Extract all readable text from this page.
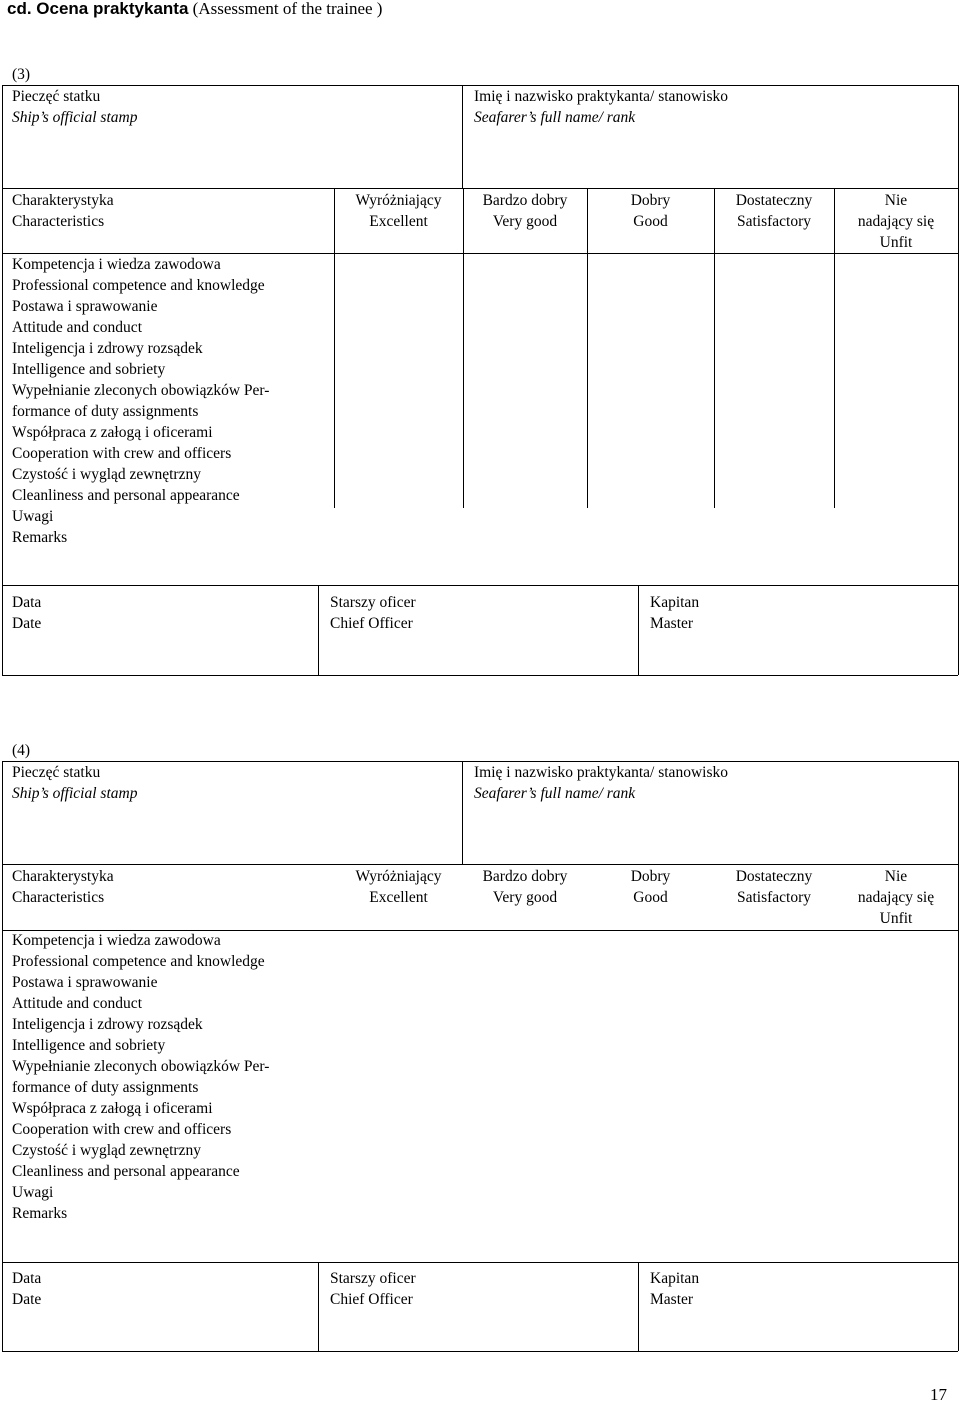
cd. Ocena praktykanta (Assessment of the trainee )
(3)
Pieczęć statku
Ship’s official stamp
Imię i nazwisko praktykanta/ stanowisko
Seafarer’s full name/ rank
Charakterystyka
Characteristics
Wyróżniający
Excellent
Bardzo dobry
Very good
Dobry
Good
Dostateczny
Satisfactory
Nie
nadający się
Unfit
Kompetencja i wiedza zawodowa
Professional competence and knowledge
Postawa i sprawowanie
Attitude and conduct
Inteligencja i zdrowy rozsądek
Intelligence and sobriety
Wypełnianie zleconych obowiązków Per-
formance of duty assignments
Współpraca z załogą i oficerami
Cooperation with crew and officers
Czystość i wygląd zewnętrzny
Cleanliness and personal appearance
Uwagi
Remarks
Data
Date
Starszy oficer
Chief Officer
Kapitan
Master
(4)
Pieczęć statku
Ship’s official stamp
Imię i nazwisko praktykanta/ stanowisko
Seafarer’s full name/ rank
Charakterystyka
Characteristics
Wyróżniający
Excellent
Bardzo dobry
Very good
Dobry
Good
Dostateczny
Satisfactory
Nie
nadający się
Unfit
Kompetencja i wiedza zawodowa
Professional competence and knowledge
Postawa i sprawowanie
Attitude and conduct
Inteligencja i zdrowy rozsądek
Intelligence and sobriety
Wypełnianie zleconych obowiązków Per-
formance of duty assignments
Współpraca z załogą i oficerami
Cooperation with crew and officers
Czystość i wygląd zewnętrzny
Cleanliness and personal appearance
Uwagi
Remarks
Data
Date
Starszy oficer
Chief Officer
Kapitan
Master
17
